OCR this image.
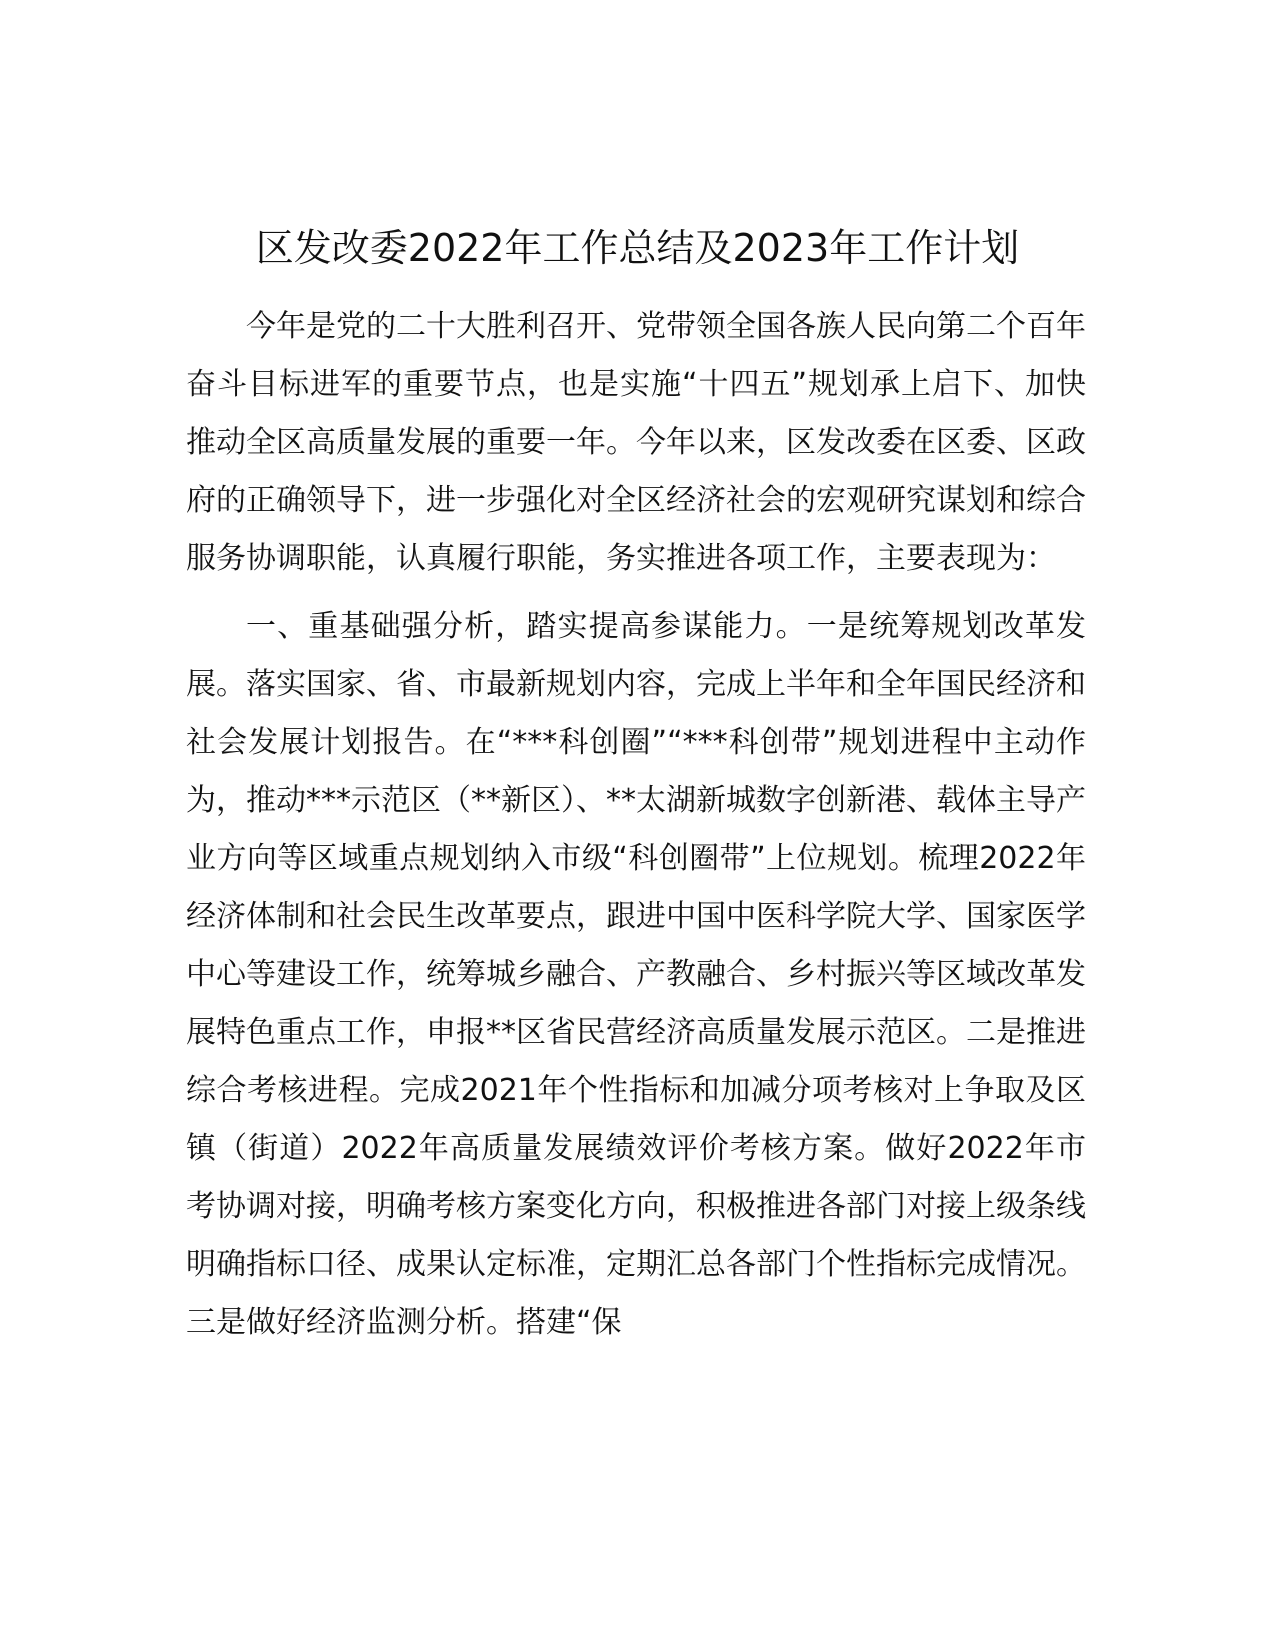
区发改委2022年工作总结及2023年工作计划

今年是党的二十大胜利召开、党带领全国各族人民向第二个百年奋斗目标进军的重要节点，也是实施“十四五”规划承上启下、加快推动全区高质量发展的重要一年。今年以来，区发改委在区委、区政府的正确领导下，进一步强化对全区经济社会的宏观研究谋划和综合服务协调职能，认真履行职能，务实推进各项工作，主要表现为：

一、重基础强分析，踏实提高参谋能力。一是统筹规划改革发展。落实国家、省、市最新规划内容，完成上半年和全年国民经济和社会发展计划报告。在“***科创圈”“***科创带”规划进程中主动作为，推动***示范区（**新区）、**太湖新城数字创新港、载体主导产业方向等区域重点规划纳入市级“科创圈带”上位规划。梳理2022年经济体制和社会民生改革要点，跟进中国中医科学院大学、国家医学中心等建设工作，统筹城乡融合、产教融合、乡村振兴等区域改革发展特色重点工作，申报**区省民营经济高质量发展示范区。二是推进综合考核进程。完成2021年个性指标和加减分项考核对上争取及区镇（街道）2022年高质量发展绩效评价考核方案。做好2022年市考协调对接，明确考核方案变化方向，积极推进各部门对接上级条线明确指标口径、成果认定标准，定期汇总各部门个性指标完成情况。三是做好经济监测分析。搭建“保
